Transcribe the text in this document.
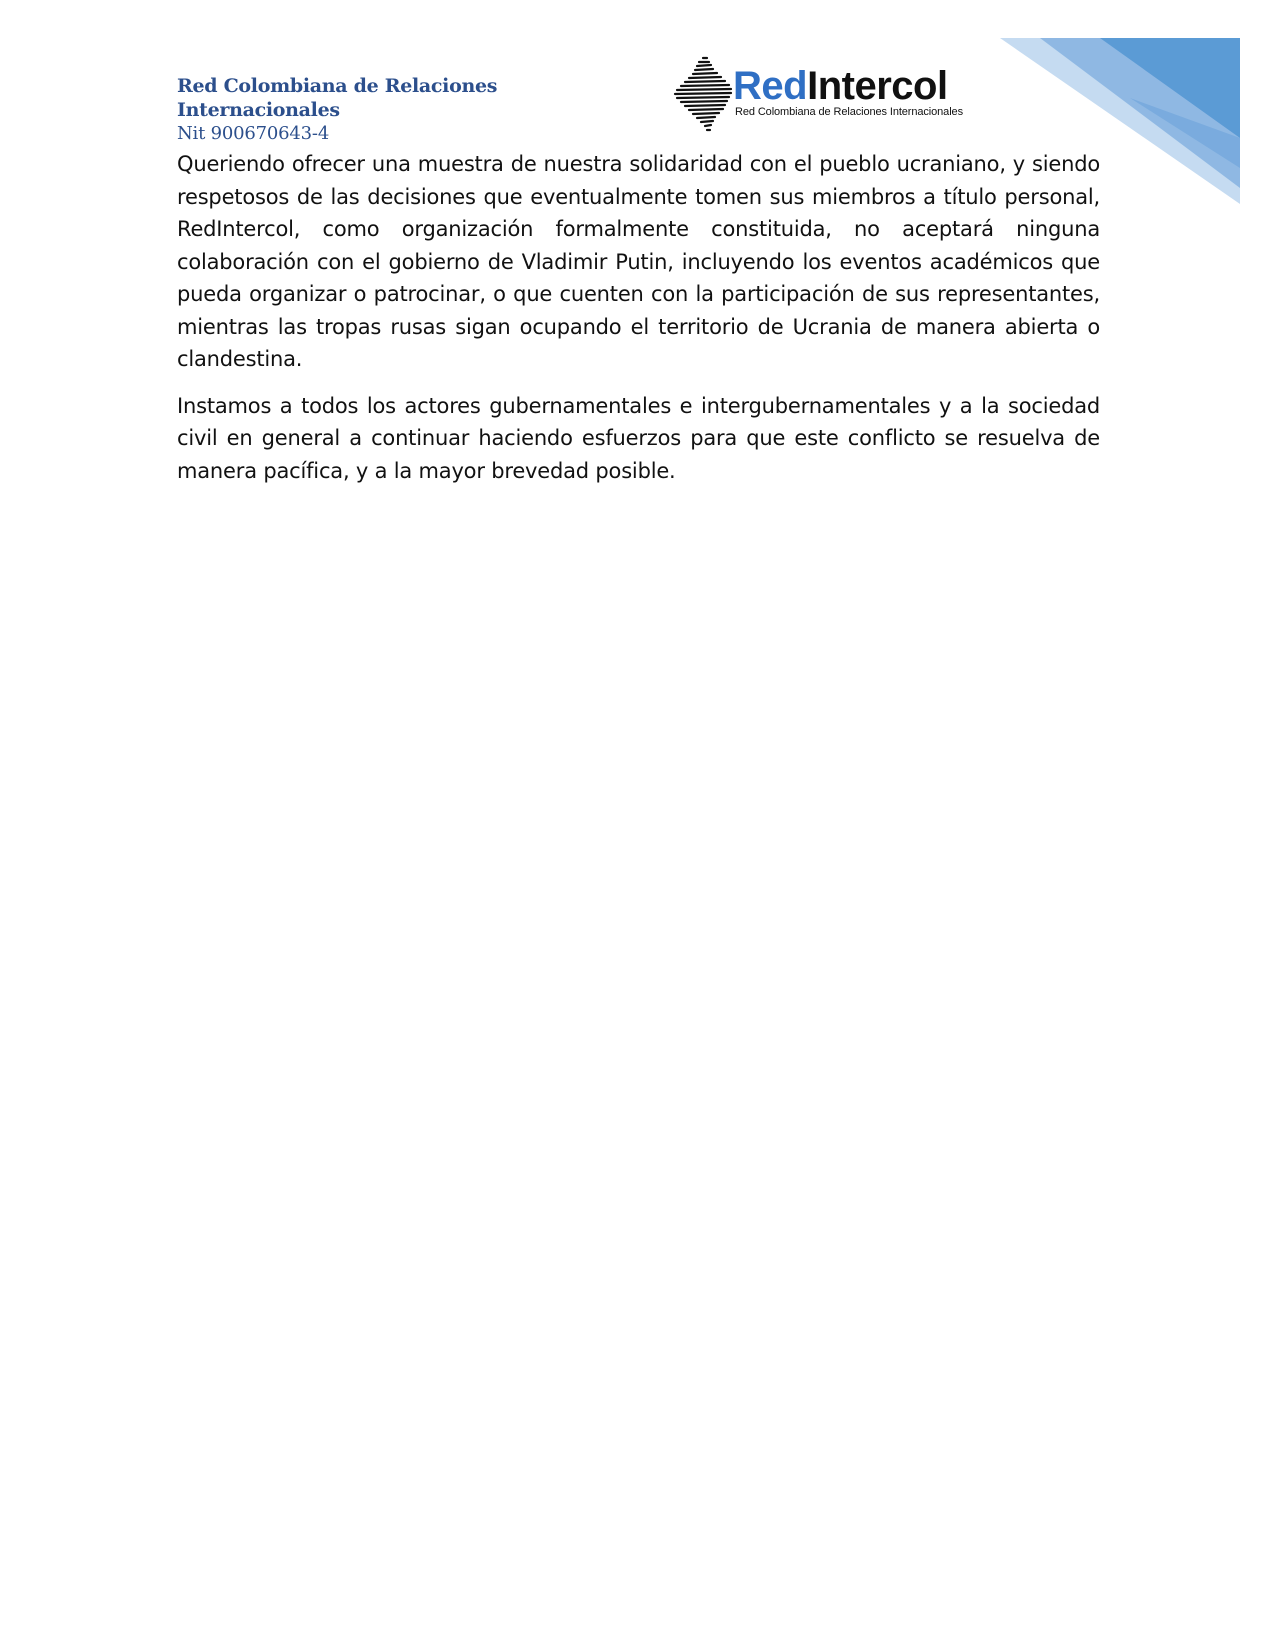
Red Colombiana de Relaciones Internacionales
Nit 900670643-4
RedIntercol
Red Colombiana de Relaciones Internacionales

Queriendo ofrecer una muestra de nuestra solidaridad con el pueblo ucraniano, y siendo respetosos de las decisiones que eventualmente tomen sus miembros a título personal, RedIntercol, como organización formalmente constituida, no aceptará ninguna colaboración con el gobierno de Vladimir Putin, incluyendo los eventos académicos que pueda organizar o patrocinar, o que cuenten con la participación de sus representantes, mientras las tropas rusas sigan ocupando el territorio de Ucrania de manera abierta o clandestina.

Instamos a todos los actores gubernamentales e intergubernamentales y a la sociedad civil en general a continuar haciendo esfuerzos para que este conflicto se resuelva de manera pacífica, y a la mayor brevedad posible.
